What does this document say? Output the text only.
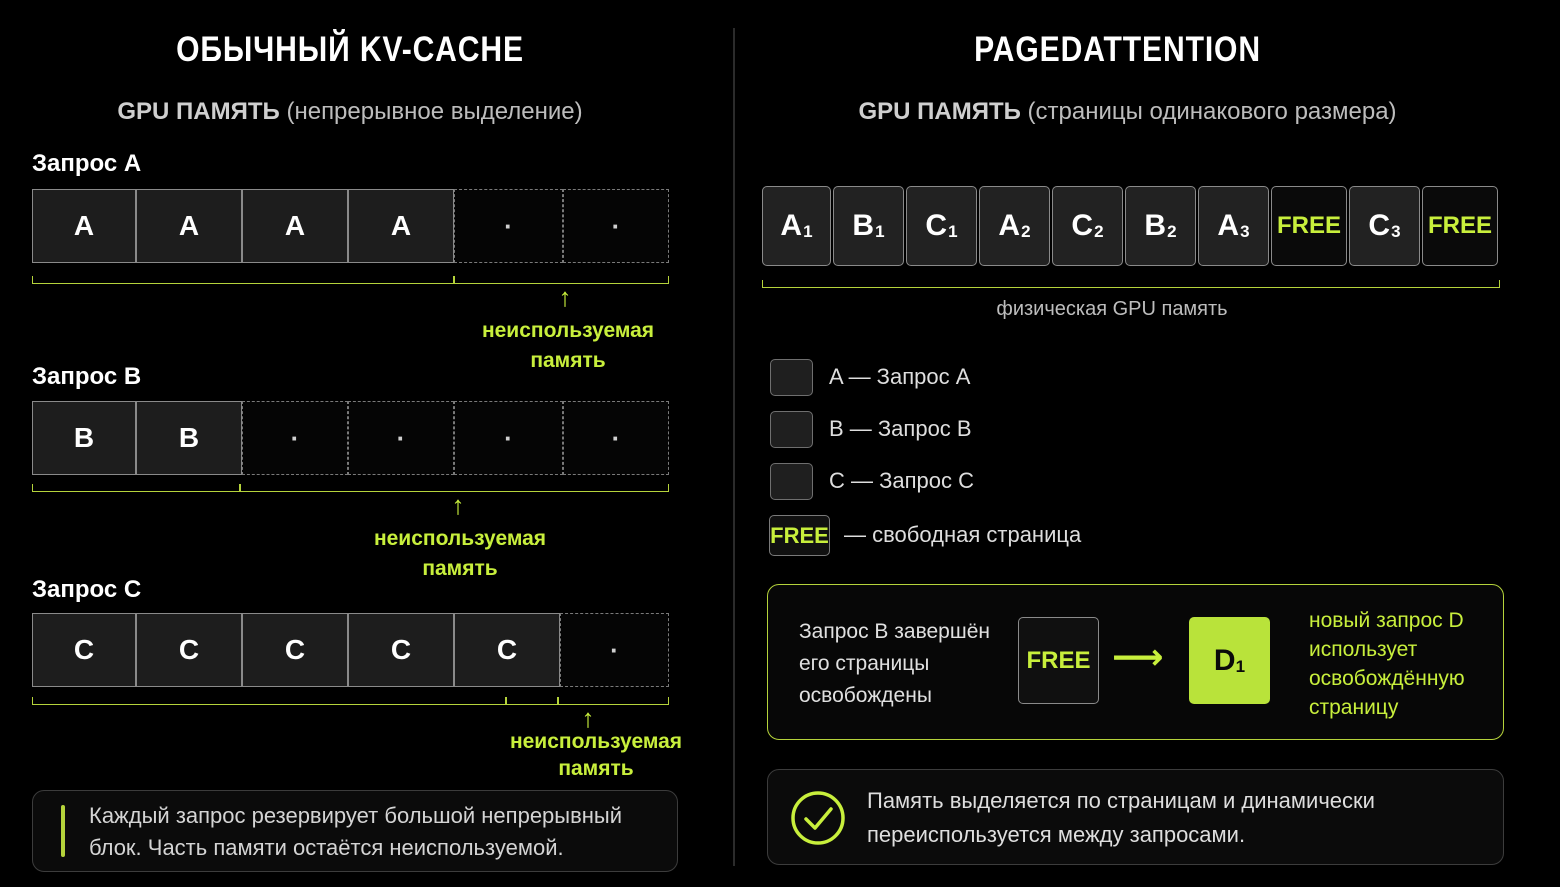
ОБЫЧНЫЙ KV-CACHE
GPU ПАМЯТЬ (непрерывное выделение)
Запрос A
A	A	A	A	·	·
↑
неиспользуемая
память
Запрос B
B	B	·	·	·	·
↑
неиспользуемая
память
Запрос C
C	C	C	C	C	·
↑
неиспользуемая
память
Каждый запрос резервирует большой непрерывный
блок. Часть памяти остаётся неиспользуемой.
PAGEDATTENTION
GPU ПАМЯТЬ (страницы одинакового размера)
$A_1$ $B_1$ $C_1$ $A_2$ $C_2$ $B_2$ $A_3$ FREE $C_3$ FREE
физическая GPU память
A — Запрос A
B — Запрос B
C — Запрос C
FREE — свободная страница
Запрос B завершён
его страницы
освобождены
FREE ⟶ $D_1$
новый запрос D
использует
освобождённую
страницу
Память выделяется по страницам и динамически
переиспользуется между запросами.
